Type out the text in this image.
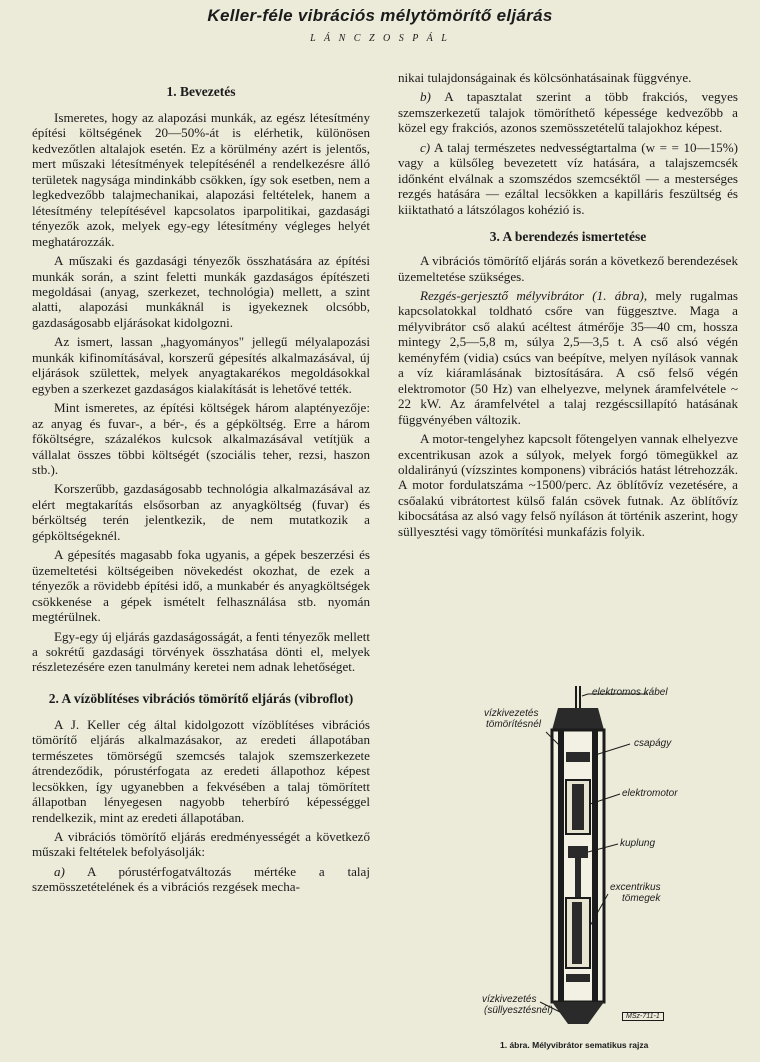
Keller-féle vibrációs mélytömörítő eljárás
L Á N C Z O S P Á L
1. Bevezetés

Ismeretes, hogy az alapozási munkák, az egész létesítmény építési költségének 20—50%-át is elérhetik, különösen kedvezőtlen altalajok esetén. Ez a körülmény azért is jelentős, mert műszaki létesítmények telepítésénél a rendelkezésre álló területek nagysága mindinkább csökken, így sok esetben, nem a legkedvezőbb talajmechanikai, alapozási feltételek, hanem a létesítmény telepítésével kapcsolatos iparpolitikai, gazdasági tényezők azok, melyek egy-egy létesítmény végleges helyét meghatározzák.

A műszaki és gazdasági tényezők összhatására az építési munkák során, a szint feletti munkák gazdaságos építészeti megoldásai (anyag, szerkezet, technológia) mellett, a szint alatti, alapozási munkáknál is igyekeznek olcsóbb, gazdaságosabb eljárásokat kidolgozni.

Az ismert, lassan „hagyományos" jellegű mélyalapozási munkák kifinomításával, korszerű gépesítés alkalmazásával, új eljárások születtek, melyek anyagtakarékos megoldásokkal egyben a szerkezet gazdaságos kialakítását is lehetővé tették.

Mint ismeretes, az építési költségek három alaptényezője: az anyag és fuvar-, a bér-, és a gépköltség. Erre a három főköltségre, százalékos kulcsok alkalmazásával vetítjük a vállalat összes többi költségét (szociális teher, rezsi, haszon stb.).

Korszerűbb, gazdaságosabb technológia alkalmazásával az elért megtakarítás elsősorban az anyagköltség (fuvar) és bérköltség terén jelentkezik, de nem mutatkozik a gépköltségeknél.

A gépesítés magasabb foka ugyanis, a gépek beszerzési és üzemeltetési költségeiben növekedést okozhat, de ezek a tényezők a rövidebb építési idő, a munkabér és anyagköltségek csökkenése a gépek ismételt felhasználása stb. nyomán megtérülnek.

Egy-egy új eljárás gazdaságosságát, a fenti tényezők mellett a sokrétű gazdasági törvények összhatása dönti el, melyek részletezésére ezen tanulmány keretei nem adnak lehetőséget.

2. A vízöblítéses vibrációs tömörítő eljárás (vibroflot)

A J. Keller cég által kidolgozott vízöblítéses vibrációs tömörítő eljárás alkalmazásakor, az eredeti állapotában természetes tömörségű szemcsés talajok szemszerkezete átrendeződik, pórustérfogata az eredeti állapothoz képest lecsökken, így ugyanebben a fekvésében a talaj tömörített állapotban lényegesen nagyobb teherbíró képességgel rendelkezik, mint az eredeti állapotában.

A vibrációs tömörítő eljárás eredményességét a következő műszaki feltételek befolyásolják:

a) A pórustérfogatváltozás mértéke a talaj szemösszetételének és a vibrációs rezgések mecha-

nikai tulajdonságainak és kölcsönhatásainak függvénye.

b) A tapasztalat szerint a több frakciós, vegyes szemszerkezetű talajok tömöríthető képessége kedvezőbb a közel egy frakciós, azonos szemösszetételű talajokhoz képest.

c) A talaj természetes nedvességtartalma (w = = 10—15%) vagy a külsőleg bevezetett víz hatására, a talajszemcsék időnként elválnak a szomszédos szemcséktől — a mesterséges rezgés hatására — ezáltal lecsökken a kapilláris feszültség és kiiktatható a látszólagos kohézió is.

3. A berendezés ismertetése

A vibrációs tömörítő eljárás során a következő berendezések üzemeltetése szükséges.

Rezgés-gerjesztő mélyvibrátor (1. ábra), mely rugalmas kapcsolatokkal toldható csőre van függesztve. Maga a mélyvibrátor cső alakú acéltest átmérője 35—40 cm, hossza mintegy 2,5—5,8 m, súlya 2,5—3,5 t. A cső alsó végén keményfém (vidia) csúcs van beépítve, melyen nyílások vannak a víz kiáramlásának biztosítására. A cső felső végén elektromotor (50 Hz) van elhelyezve, melynek áramfelvétele ~ 22 kW. Az áramfelvétel a talaj rezgéscsillapító hatásának függvényében változik.

A motor-tengelyhez kapcsolt főtengelyen vannak elhelyezve excentrikusan azok a súlyok, melyek forgó tömegükkel az oldalirányú (vízszintes komponens) vibrációs hatást létrehozzák. A motor fordulatszáma ~1500/perc. Az öblítővíz vezetésére, a csőalakú vibrátortest külső falán csövek futnak. Az öblítővíz kibocsátása az alsó vagy felső nyíláson át történik aszerint, hogy süllyesztési vagy tömörítési munkafázis folyik.

elektromos kábel
vízkivezetés
tömörítésnél
csapágy
elektromotor
kuplung
excentrikus
tömegek
vízkivezetés
(süllyesztésnél)
MSz-711-1
1. ábra. Mélyvibrátor sematikus rajza
